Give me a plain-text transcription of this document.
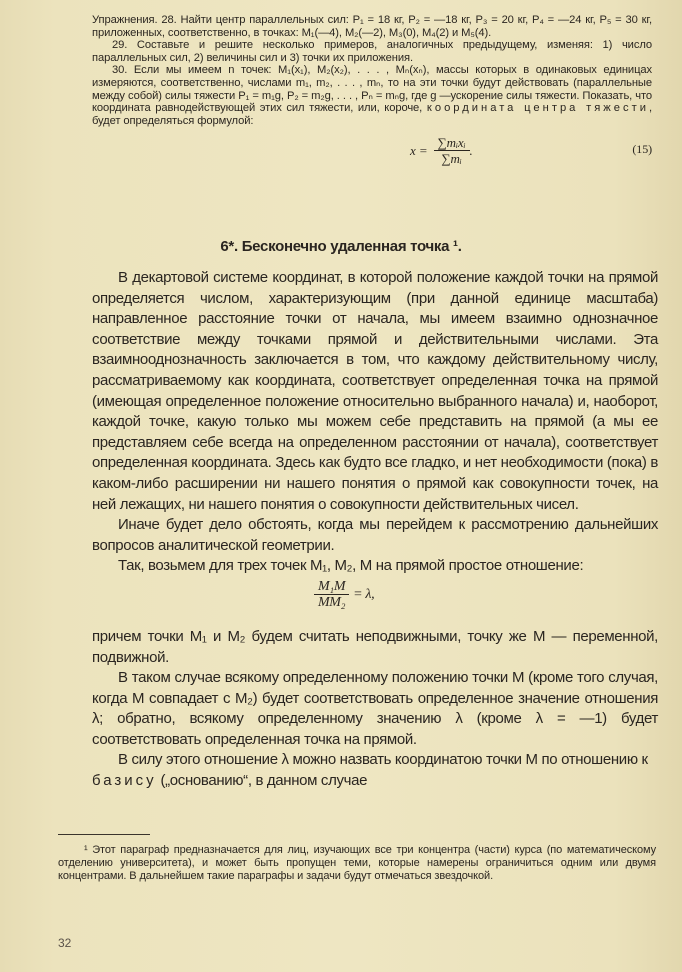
Упражнения. 28. Найти центр параллельных сил: P₁ = 18 кг, P₂ = —18 кг, P₃ = 20 кг, P₄ = —24 кг, P₅ = 30 кг, приложенных, соответственно, в точках: M₁(—4), M₂(—2), M₃(0), M₄(2) и M₅(4).

29. Составьте и решите несколько примеров, аналогичных предыдущему, изменяя: 1) число параллельных сил, 2) величины сил и 3) точки их приложения.

30. Если мы имеем n точек: M₁(x₁), M₂(x₂), . . . , Mₙ(xₙ), массы которых в одинаковых единицах измеряются, соответственно, числами m₁, m₂, . . . , mₙ, то на эти точки будут действовать (параллельные между собой) силы тяжести P₁ = m₁g, P₂ = m₂g, . . . , Pₙ = mₙg, где g —ускорение силы тяжести. Показать, что координата равнодействующей этих сил тяжести, или, короче, координата центра тяжести, будет определяться формулой:

$x = \frac{\text{∑mᵢxᵢ}}{\text{∑mᵢ}}$ .	(15)
6*. Бесконечно удаленная точка ¹.

В декартовой системе координат, в которой положение каждой точки на прямой определяется числом, характеризующим (при данной единице масштаба) направленное расстояние точки от начала, мы имеем взаимно однозначное соответствие между точками прямой и действительными числами. Эта взаимнооднозначность заключается в том, что каждому действительному числу, рассматриваемому как координата, соответствует определенная точка на прямой (имеющая определенное положение относительно выбранного начала) и, наоборот, каждой точке, какую только мы можем себе представить на прямой (а мы ее представляем себе всегда на определенном расстоянии от начала), соответствует определенная координата. Здесь как будто все гладко, и нет необходимости (пока) в каком-либо расширении ни нашего понятия о прямой как совокупности точек, на ней лежащих, ни нашего понятия о совокупности действительных чисел.

Иначе будет дело обстоять, когда мы перейдем к рассмотрению дальнейших вопросов аналитической геометрии.

Так, возьмем для трех точек M₁, M₂, M на прямой простое отношение:

$\frac{\text{M₁M}}{\text{MM₂}} = \lambda$,

причем точки M₁ и M₂ будем считать неподвижными, точку же M — переменной, подвижной.

В таком случае всякому определенному положению точки M (кроме того случая, когда M совпадает с M₂) будет соответствовать определенное значение отношения λ; обратно, всякому определенному значению λ (кроме λ = —1) будет соответствовать определенная точка на прямой.

В силу этого отношение λ можно назвать координатою точки M по отношению к базису („основанию“, в данном случае

¹ Этот параграф предназначается для лиц, изучающих все три концентра (части) курса (по математическому отделению университета), и может быть пропущен теми, которые намерены ограничиться одним или двумя концентрами. В дальнейшем такие параграфы и задачи будут отмечаться звездочкой.

32
